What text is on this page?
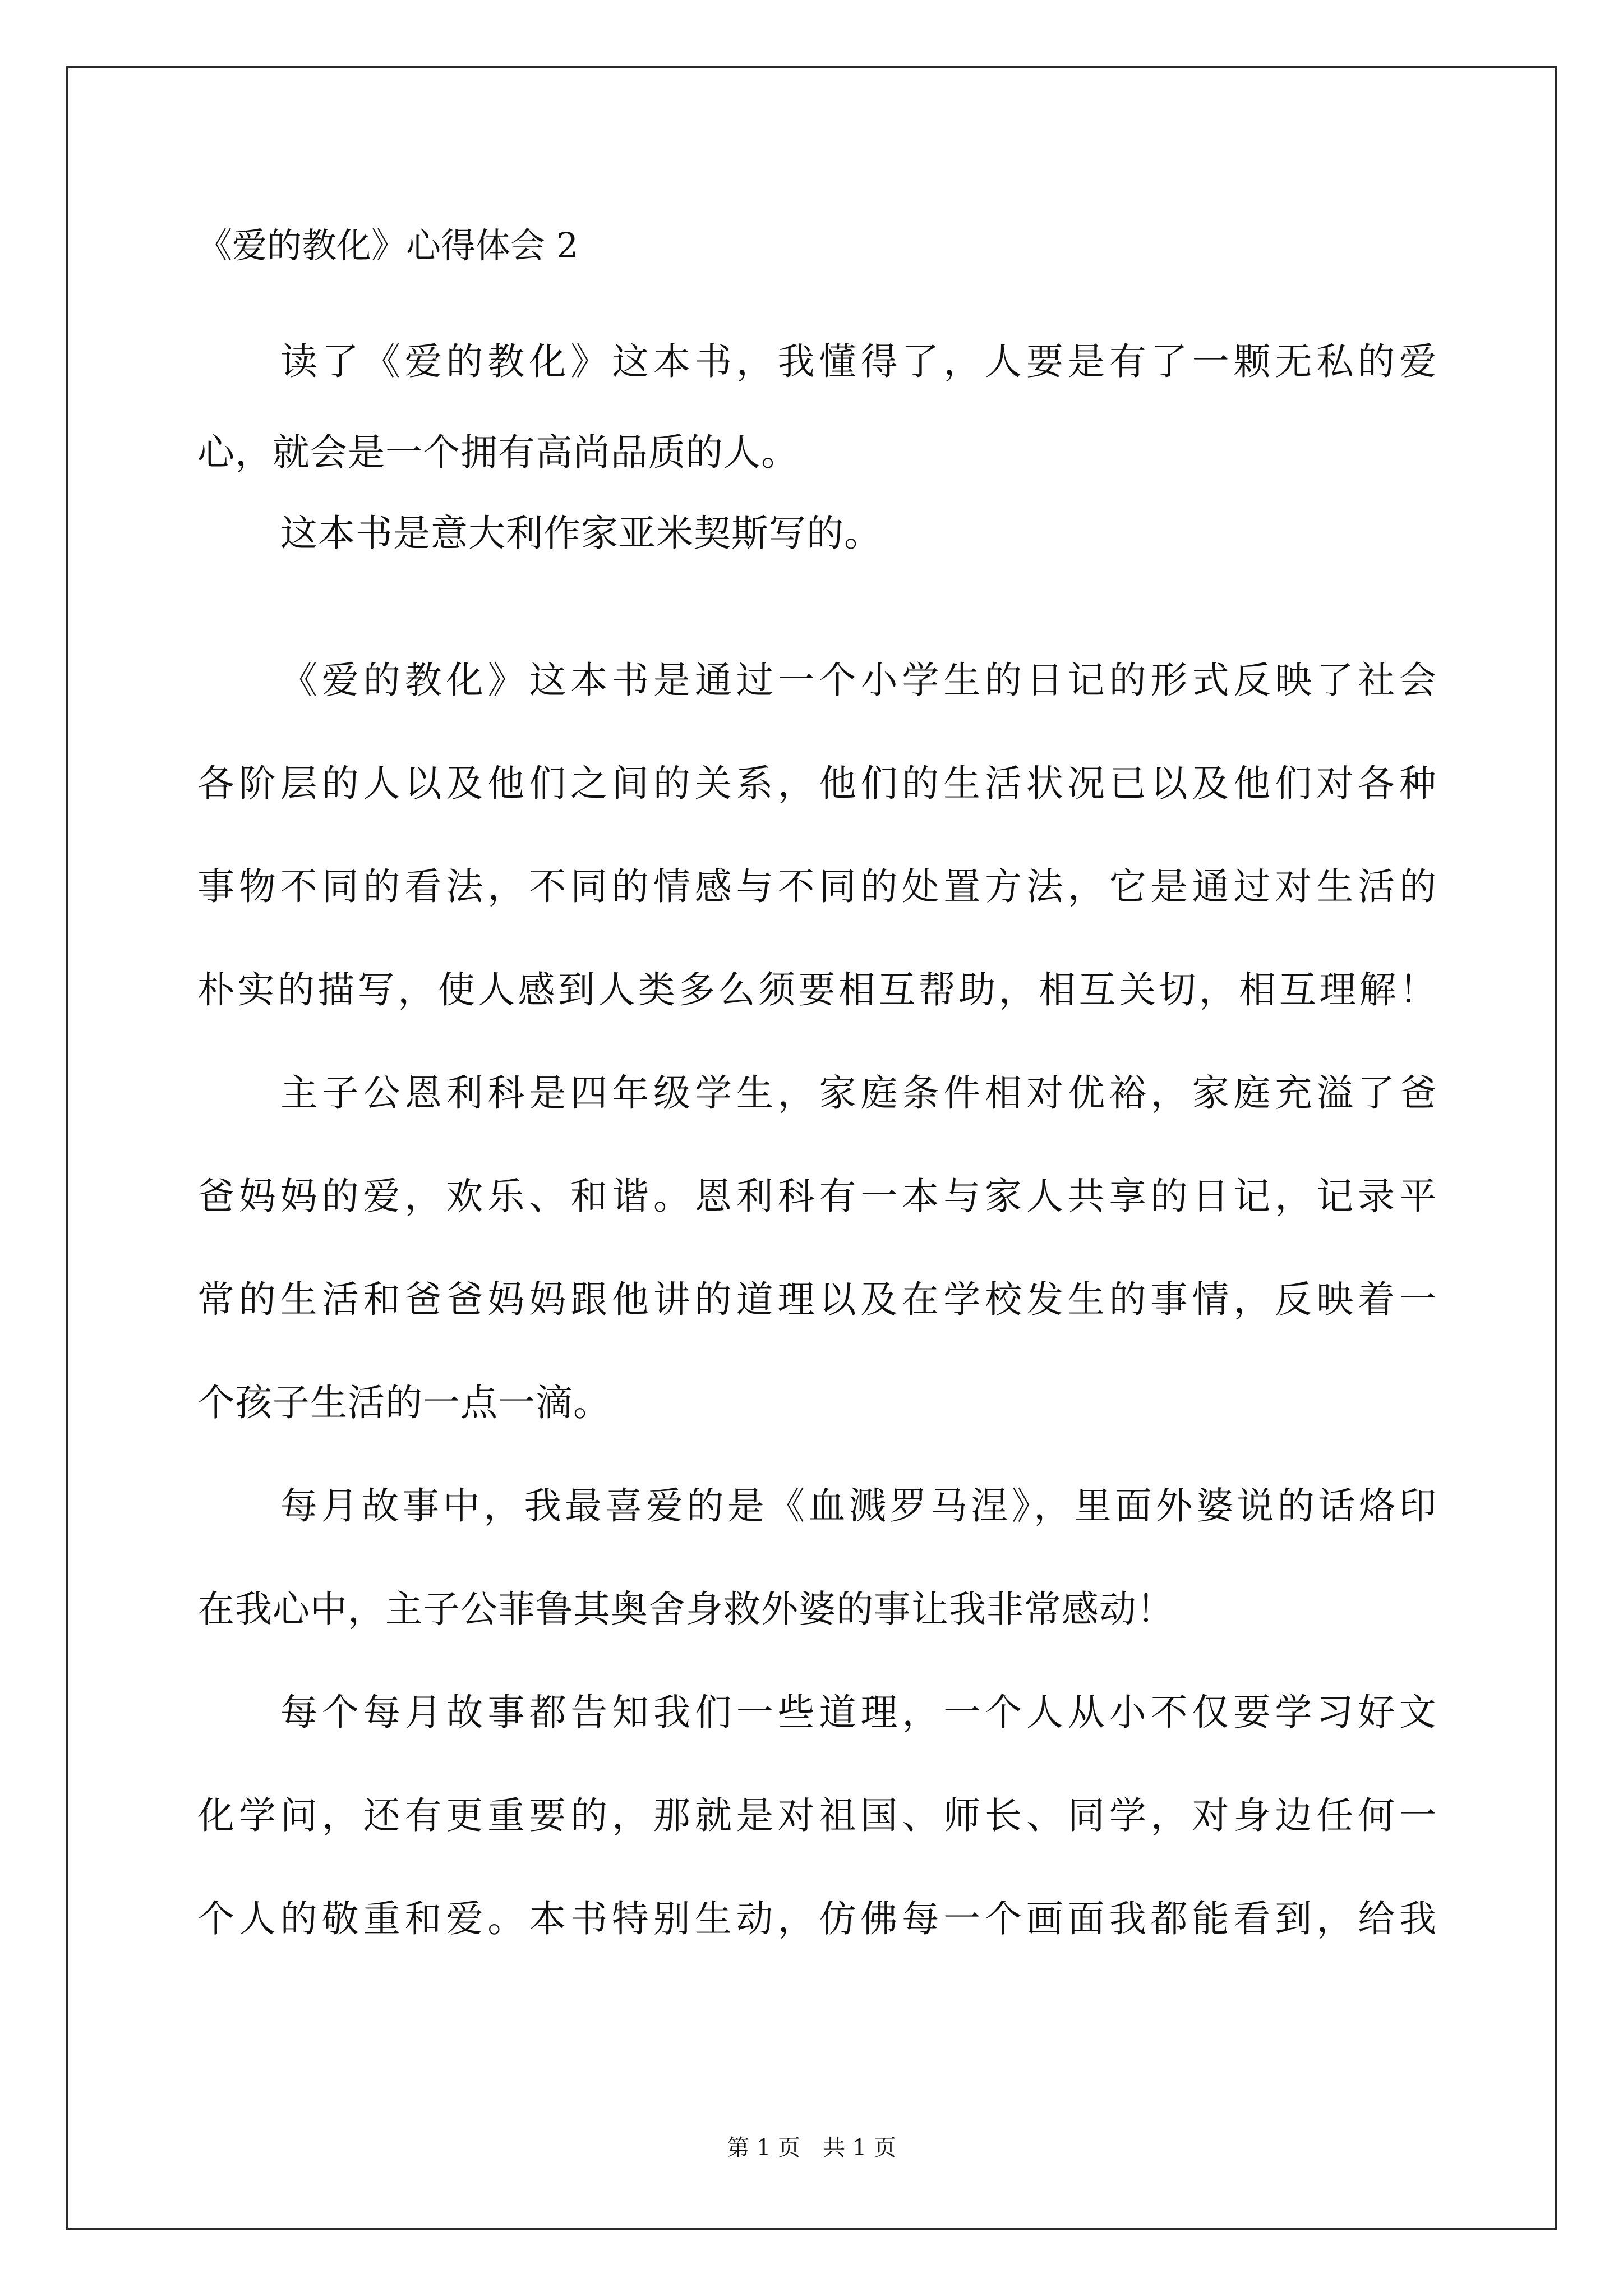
《爱的教化》心得体会 2
读了《爱的教化》这本书，我懂得了，人要是有了一颗无私的爱
心，就会是一个拥有高尚品质的人。
这本书是意大利作家亚米契斯写的。
《爱的教化》这本书是通过一个小学生的日记的形式反映了社会
各阶层的人以及他们之间的关系，他们的生活状况已以及他们对各种
事物不同的看法，不同的情感与不同的处置方法，它是通过对生活的
朴实的描写，使人感到人类多么须要相互帮助，相互关切，相互理解！
主子公恩利科是四年级学生，家庭条件相对优裕，家庭充溢了爸
爸妈妈的爱，欢乐、和谐。恩利科有一本与家人共享的日记，记录平
常的生活和爸爸妈妈跟他讲的道理以及在学校发生的事情，反映着一
个孩子生活的一点一滴。
每月故事中，我最喜爱的是《血溅罗马涅》，里面外婆说的话烙印
在我心中，主子公菲鲁其奥舍身救外婆的事让我非常感动！
每个每月故事都告知我们一些道理，一个人从小不仅要学习好文
化学问，还有更重要的，那就是对祖国、师长、同学，对身边任何一
个人的敬重和爱。本书特别生动，仿佛每一个画面我都能看到，给我
第 1 页　共 1 页
